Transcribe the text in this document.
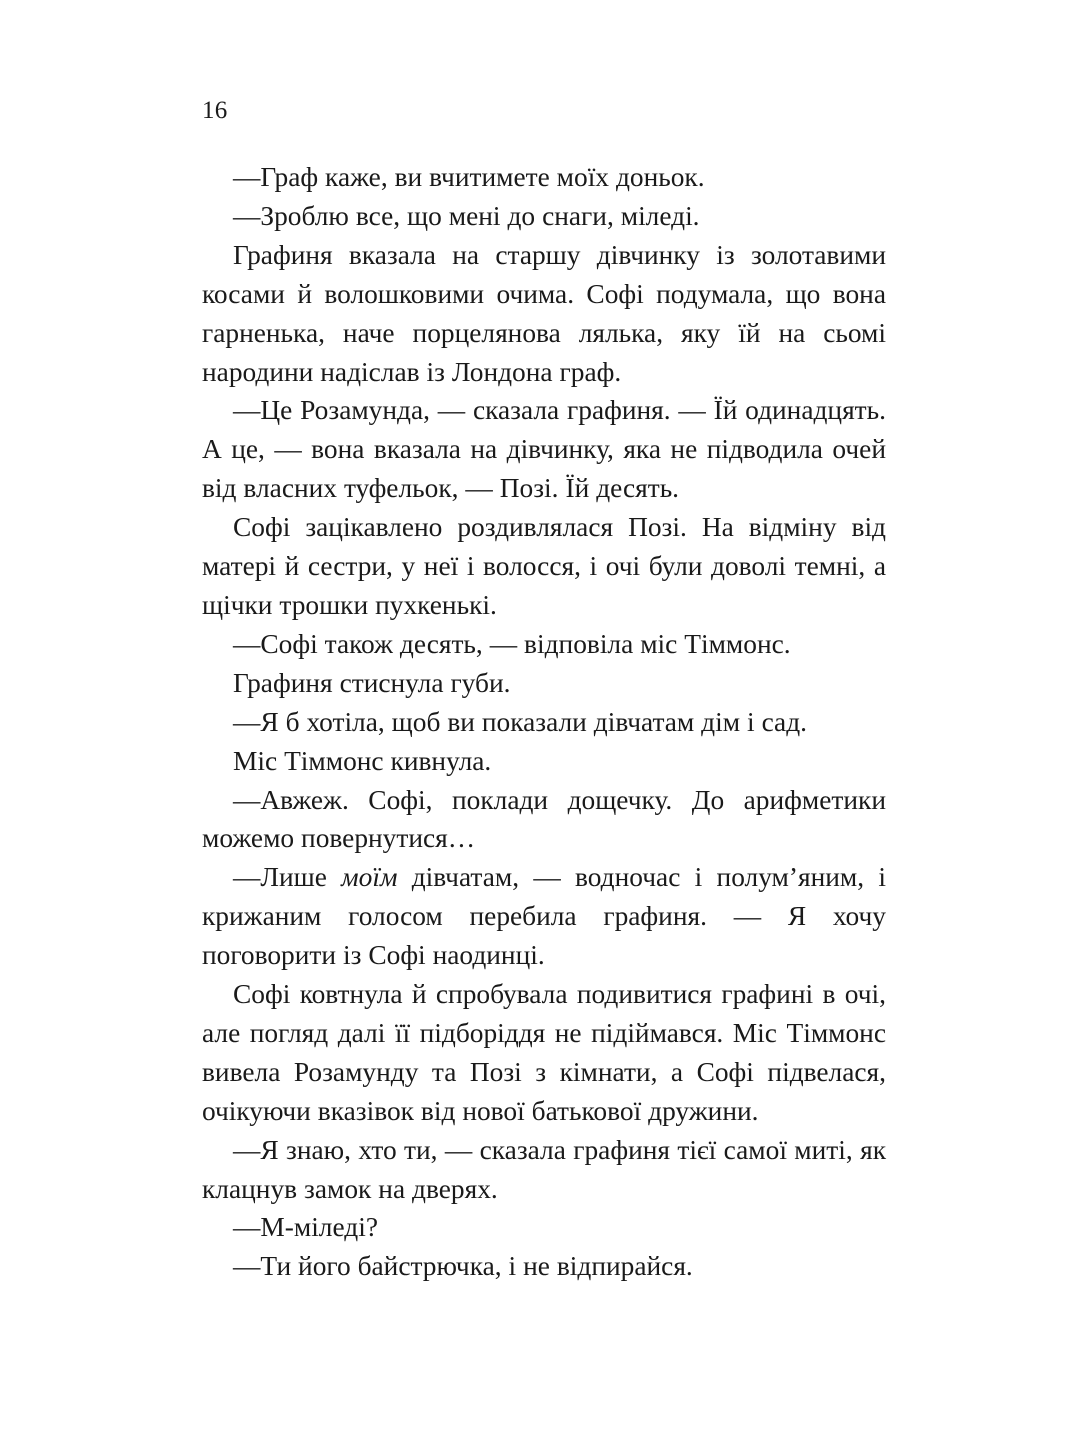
16

—Граф каже, ви вчитимете моїх доньок.

—Зроблю все, що мені до снаги, міледі.

Графиня вказала на старшу дівчинку із золотавими косами й волошковими очима. Софі подумала, що вона гарненька, наче порцелянова лялька, яку їй на сьомі народини надіслав із Лондона граф.

—Це Розамунда, — сказала графиня. — Їй одинадцять. А це, — вона вказала на дівчинку, яка не підводила очей від власних туфельок, — Позі. Їй десять.

Софі зацікавлено роздивлялася Позі. На відміну від матері й сестри, у неї і волосся, і очі були доволі темні, а щічки трошки пухкенькі.

—Софі також десять, — відповіла міс Тіммонс.

Графиня стиснула губи.

—Я б хотіла, щоб ви показали дівчатам дім і сад.

Міс Тіммонс кивнула.

—Авжеж. Софі, поклади дощечку. До арифметики можемо повернутися…

—Лише моїм дівчатам, — водночас і полум’яним, і крижаним голосом перебила графиня. — Я хочу поговорити із Софі наодинці.

Софі ковтнула й спробувала подивитися графині в очі, але погляд далі її підборіддя не підіймався. Міс Тіммонс вивела Розамунду та Позі з кімнати, а Софі підвелася, очікуючи вказівок від нової батькової дружини.

—Я знаю, хто ти, — сказала графиня тієї самої миті, як клацнув замок на дверях.

—М-міледі?

—Ти його байстрючка, і не відпирайся.
